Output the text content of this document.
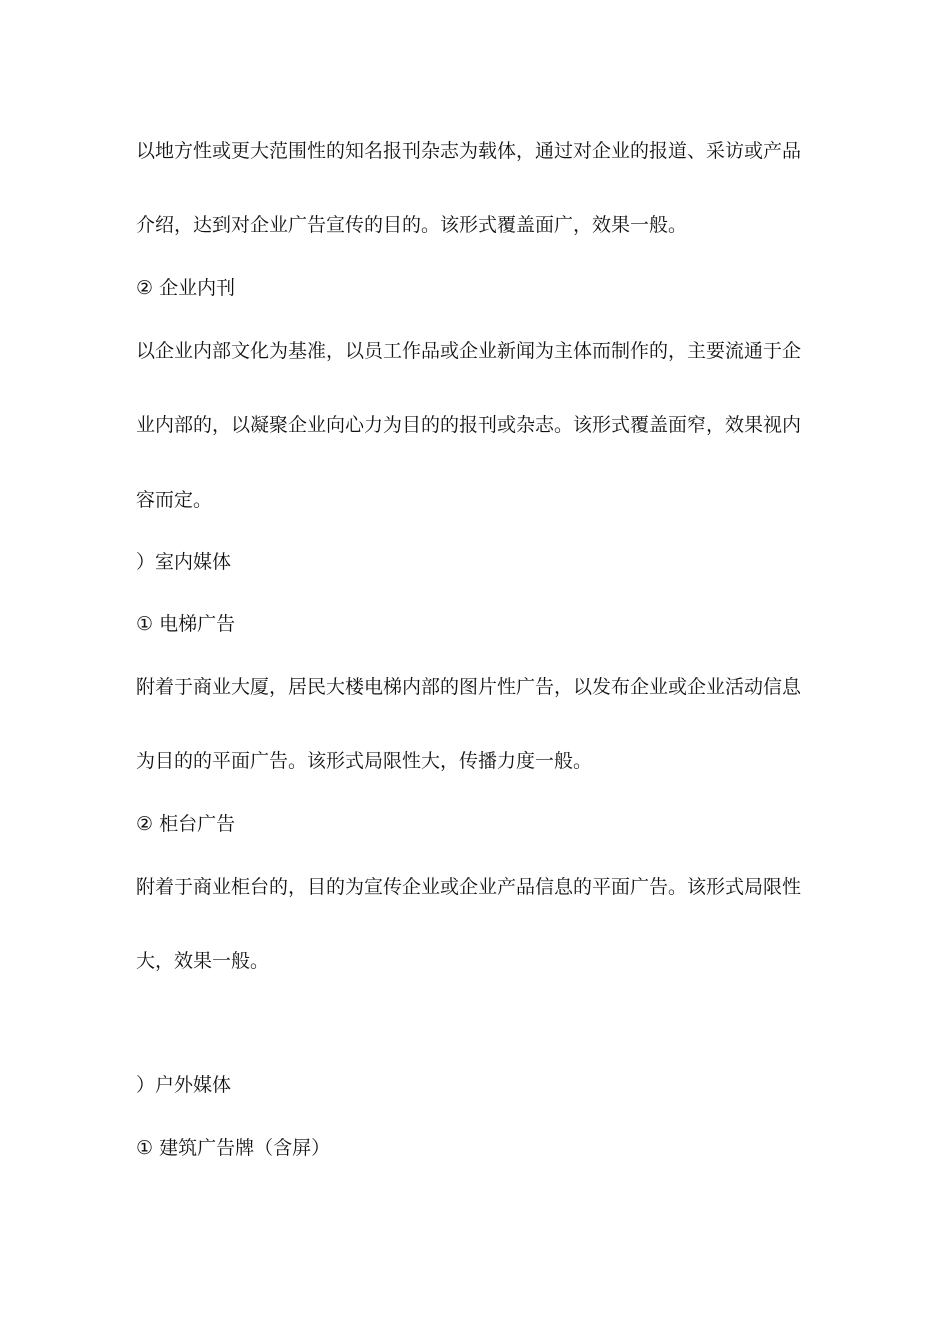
以地方性或更大范围性的知名报刊杂志为载体，通过对企业的报道、采访或产品
介绍，达到对企业广告宣传的目的。该形式覆盖面广，效果一般。
② 企业内刊
以企业内部文化为基准，以员工作品或企业新闻为主体而制作的，主要流通于企
业内部的，以凝聚企业向心力为目的的报刊或杂志。该形式覆盖面窄，效果视内
容而定。
）室内媒体
① 电梯广告
附着于商业大厦，居民大楼电梯内部的图片性广告，以发布企业或企业活动信息
为目的的平面广告。该形式局限性大，传播力度一般。
② 柜台广告
附着于商业柜台的，目的为宣传企业或企业产品信息的平面广告。该形式局限性
大，效果一般。
）户外媒体
① 建筑广告牌（含屏）
